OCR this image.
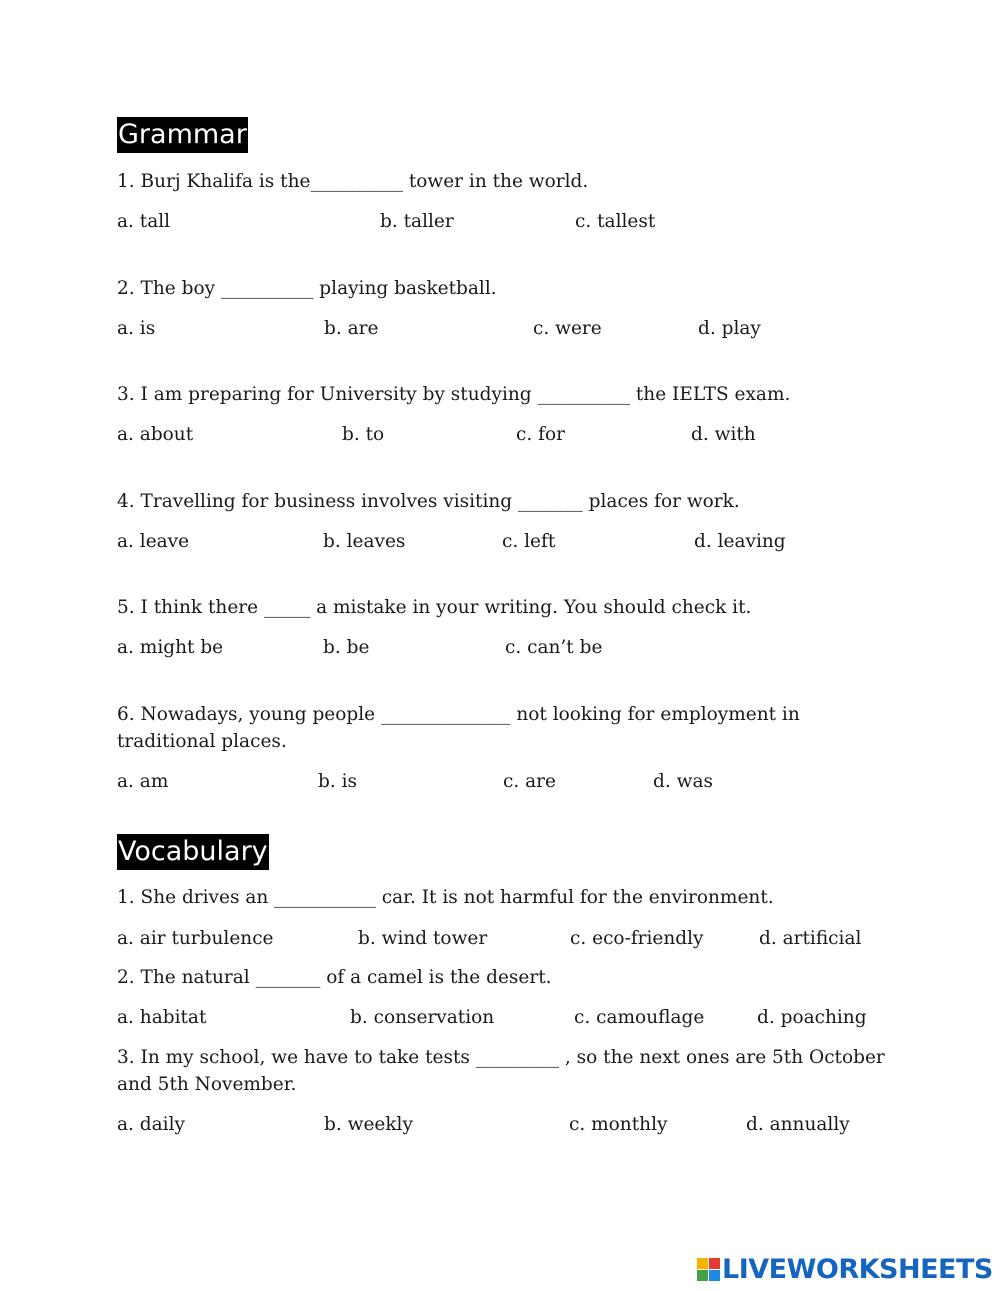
Grammar
1. Burj Khalifa is the__________ tower in the world.
a. tall	b. taller	c. tallest
2. The boy __________ playing basketball.
a. is	b. are	c. were	d. play
3. I am preparing for University by studying __________ the IELTS exam.
a. about	b. to	c. for	d. with
4. Travelling for business involves visiting _______ places for work.
a. leave	b. leaves	c. left	d. leaving
5. I think there _____ a mistake in your writing. You should check it.
a. might be	b. be	c. can’t be
6. Nowadays, young people ______________ not looking for employment in traditional places.
a. am	b. is	c. are	d. was
Vocabulary
1. She drives an ___________ car. It is not harmful for the environment.
a. air turbulence	b. wind tower	c. eco-friendly	d. artificial
2. The natural _______ of a camel is the desert.
a. habitat	b. conservation	c. camouflage	d. poaching
3. In my school, we have to take tests _________ , so the next ones are 5th October and 5th November.
a. daily	b. weekly	c. monthly	d. annually
LIVEWORKSHEETS
